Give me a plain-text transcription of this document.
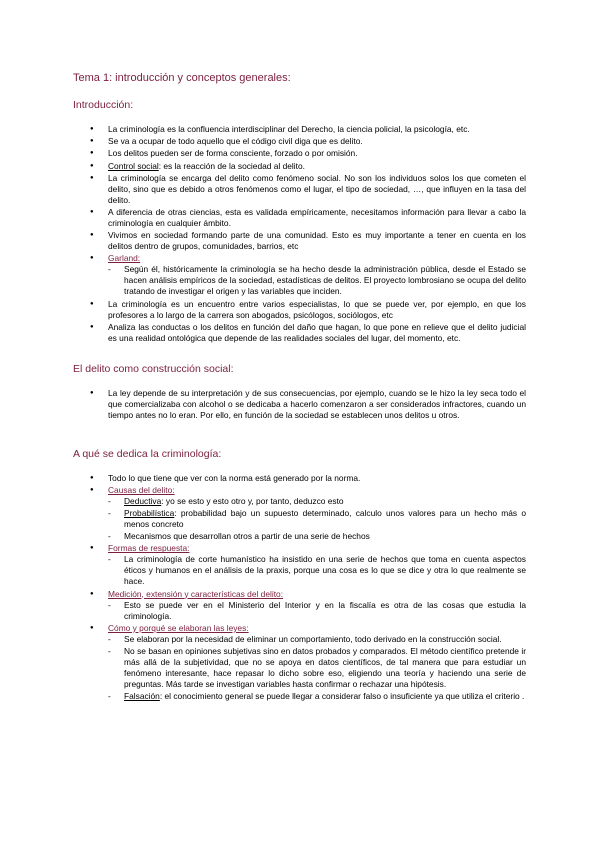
Tema 1: introducción y conceptos generales:
Introducción:
● La criminología es la confluencia interdisciplinar del Derecho, la ciencia policial, la psicología, etc.
● Se va a ocupar de todo aquello que el código civil diga que es delito.
● Los delitos pueden ser de forma consciente, forzado o por omisión.
● Control social: es la reacción de la sociedad al delito.
● La criminología se encarga del delito como fenómeno social. No son los individuos solos los que cometen el delito, sino que es debido a otros fenómenos como el lugar, el tipo de sociedad, …, que influyen en la tasa del delito.
● A diferencia de otras ciencias, esta es validada empíricamente, necesitamos información para llevar a cabo la criminología en cualquier ámbito.
● Vivimos en sociedad formando parte de una comunidad. Esto es muy importante a tener en cuenta en los delitos dentro de grupos, comunidades, barrios, etc
● Garland:
- Según él, históricamente la criminología se ha hecho desde la administración pública, desde el Estado se hacen análisis empíricos de la sociedad, estadísticas de delitos. El proyecto lombrosiano se ocupa del delito tratando de investigar el origen y las variables que inciden.
● La criminología es un encuentro entre varios especialistas, lo que se puede ver, por ejemplo, en que los profesores a lo largo de la carrera son abogados, psicólogos, sociólogos, etc
● Analiza las conductas o los delitos en función del daño que hagan, lo que pone en relieve que el delito judicial es una realidad ontológica que depende de las realidades sociales del lugar, del momento, etc.
El delito como construcción social:
● La ley depende de su interpretación y de sus consecuencias, por ejemplo, cuando se le hizo la ley seca todo el que comercializaba con alcohol o se dedicaba a hacerlo comenzaron a ser considerados infractores, cuando un tiempo antes no lo eran. Por ello, en función de la sociedad se establecen unos delitos u otros.
A qué se dedica la criminología:
● Todo lo que tiene que ver con la norma está generado por la norma.
● Causas del delito:
- Deductiva: yo se esto y esto otro y, por tanto, deduzco esto
- Probabilística: probabilidad bajo un supuesto determinado, calculo unos valores para un hecho más o menos concreto
- Mecanismos que desarrollan otros a partir de una serie de hechos
● Formas de respuesta:
- La criminología de corte humanístico ha insistido en una serie de hechos que toma en cuenta aspectos éticos y humanos en el análisis de la praxis, porque una cosa es lo que se dice y otra lo que realmente se hace.
● Medición, extensión y características del delito:
- Esto se puede ver en el Ministerio del Interior y en la fiscalía es otra de las cosas que estudia la criminología.
● Cómo y porqué se elaboran las leyes:
- Se elaboran por la necesidad de eliminar un comportamiento, todo derivado en la construcción social.
- No se basan en opiniones subjetivas sino en datos probados y comparados. El método científico pretende ir más allá de la subjetividad, que no se apoya en datos científicos, de tal manera que para estudiar un fenómeno interesante, hace repasar lo dicho sobre eso, eligiendo una teoría y haciendo una serie de preguntas. Más tarde se investigan variables hasta confirmar o rechazar una hipótesis.
- Falsación: el conocimiento general se puede llegar a considerar falso o insuficiente ya que utiliza el criterio .
